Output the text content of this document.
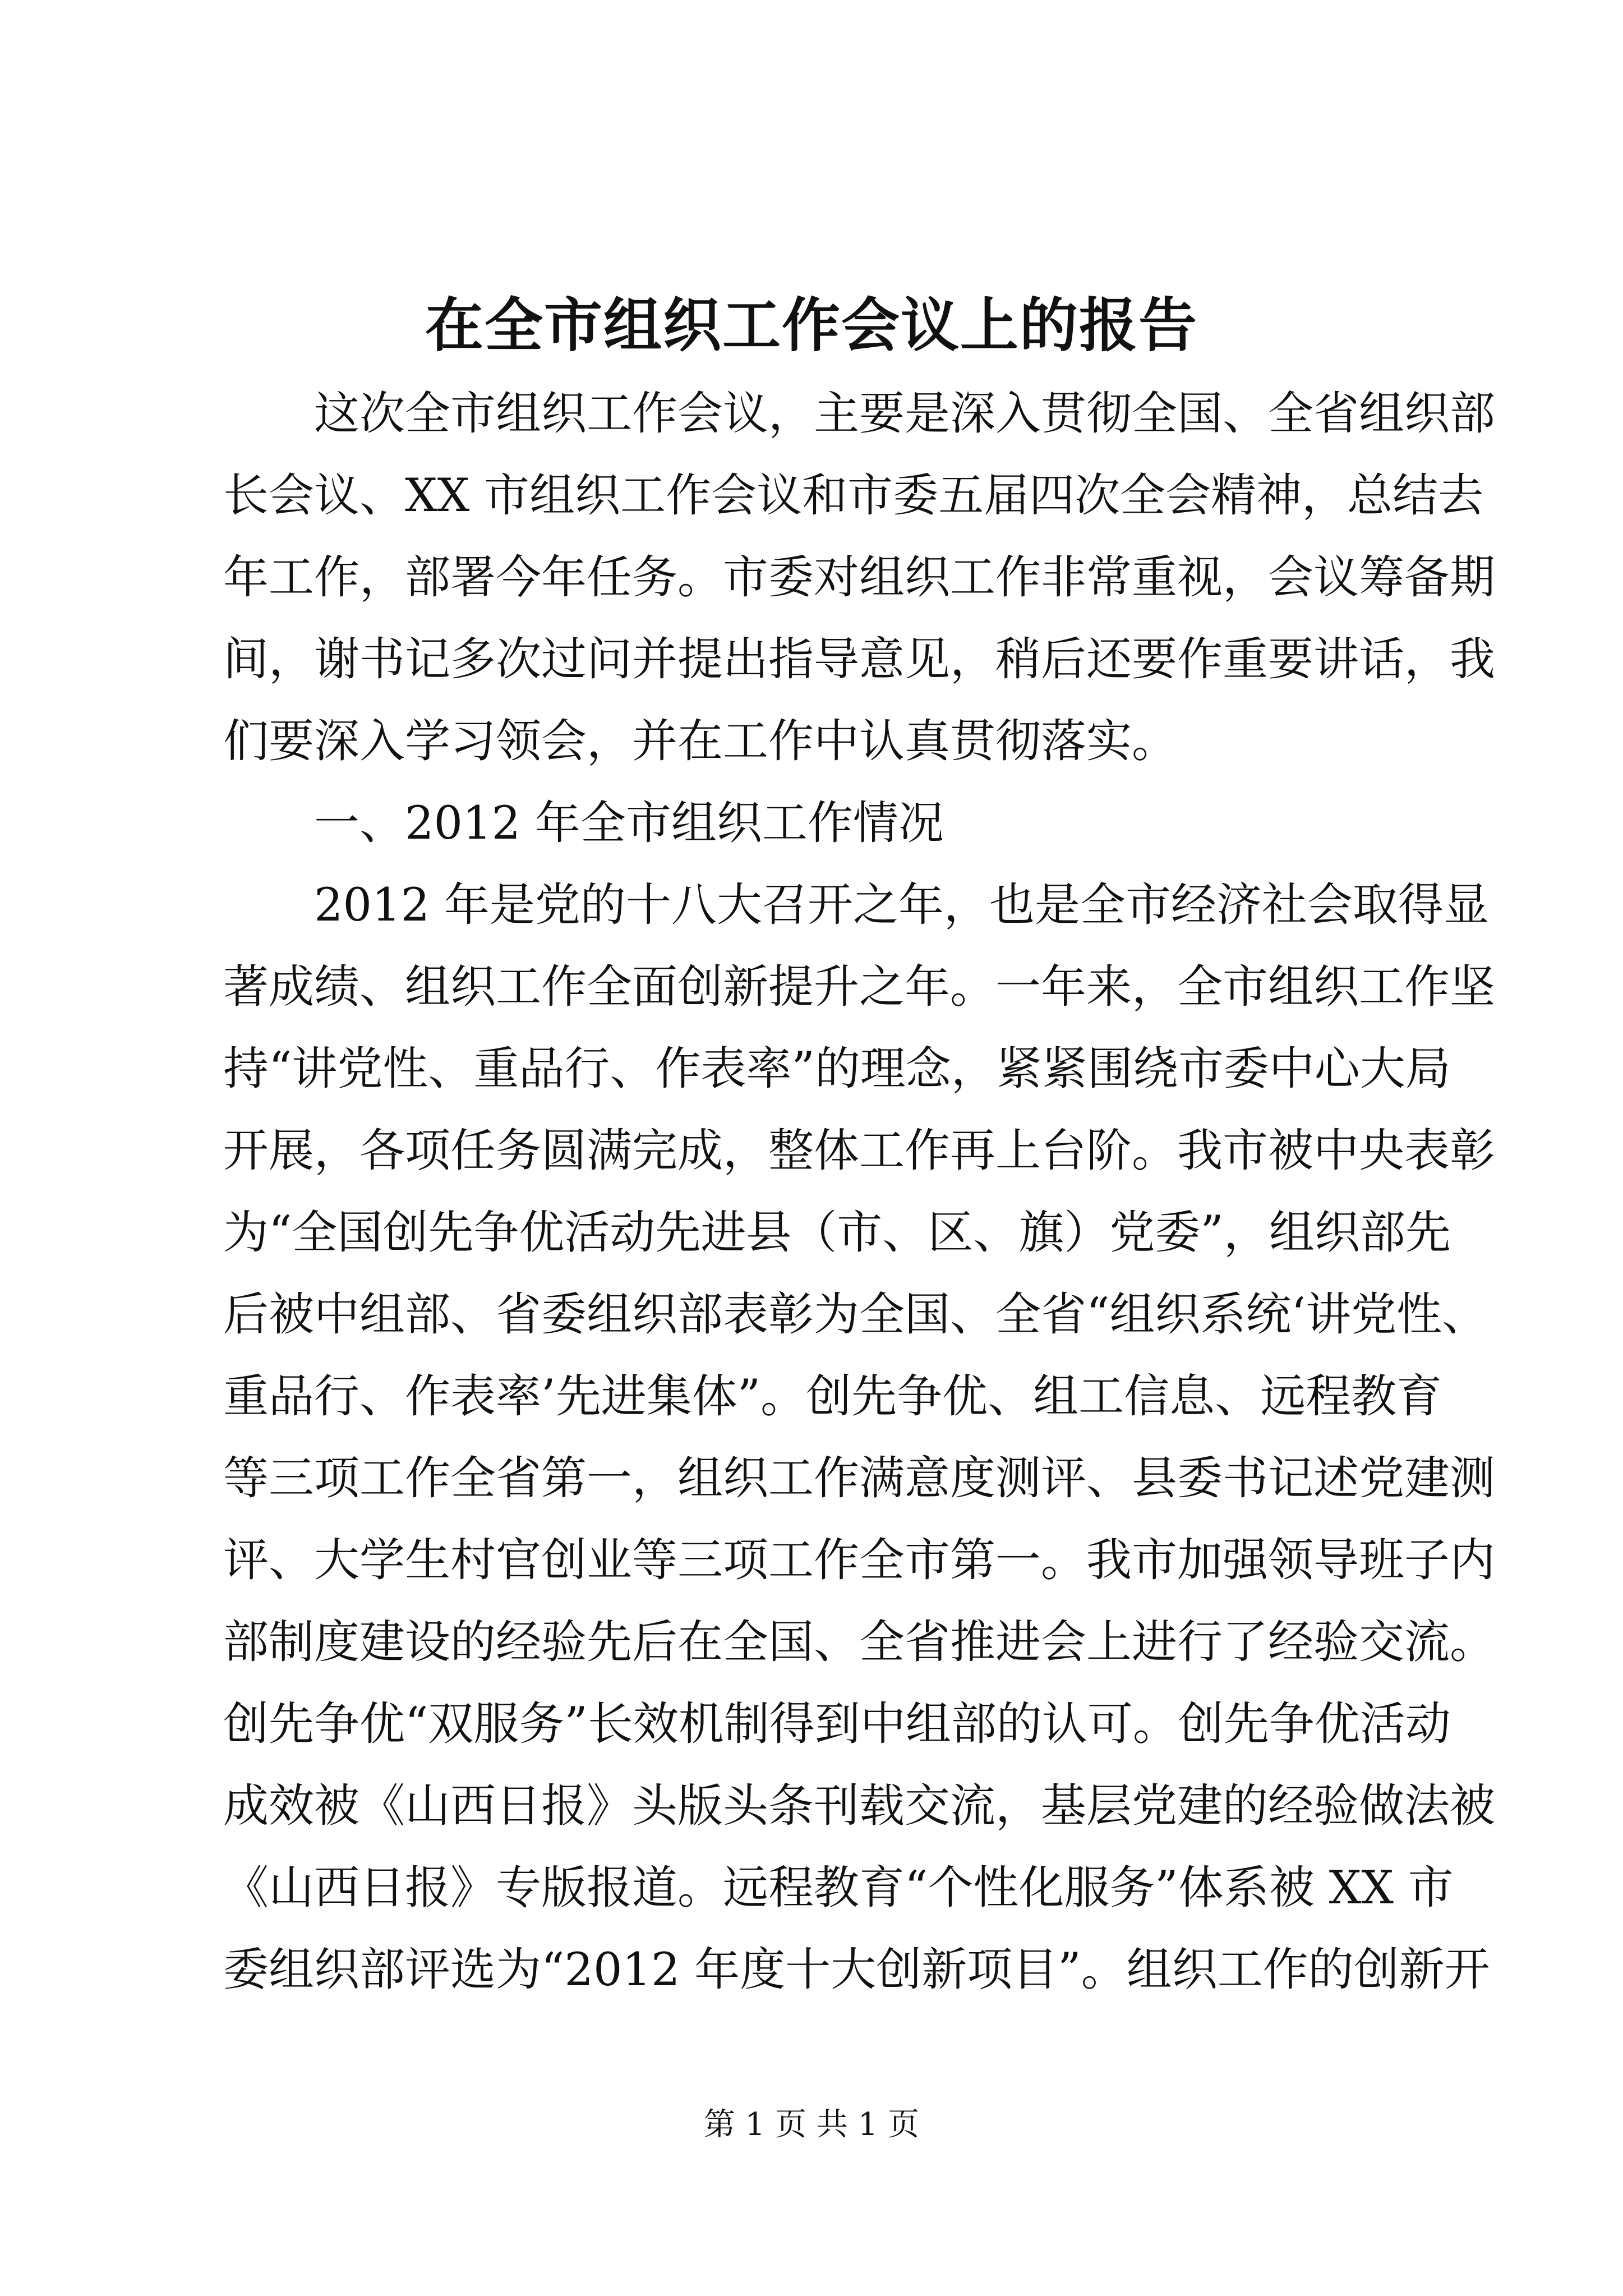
在全市组织工作会议上的报告
这次全市组织工作会议，主要是深入贯彻全国、全省组织部
长会议、XX 市组织工作会议和市委五届四次全会精神，总结去
年工作，部署今年任务。市委对组织工作非常重视，会议筹备期
间，谢书记多次过问并提出指导意见，稍后还要作重要讲话，我
们要深入学习领会，并在工作中认真贯彻落实。
一、2012 年全市组织工作情况
2012 年是党的十八大召开之年，也是全市经济社会取得显
著成绩、组织工作全面创新提升之年。一年来，全市组织工作坚
持“讲党性、重品行、作表率”的理念，紧紧围绕市委中心大局
开展，各项任务圆满完成，整体工作再上台阶。我市被中央表彰
为“全国创先争优活动先进县（市、区、旗）党委”，组织部先
后被中组部、省委组织部表彰为全国、全省“组织系统‘讲党性、
重品行、作表率’先进集体”。创先争优、组工信息、远程教育
等三项工作全省第一，组织工作满意度测评、县委书记述党建测
评、大学生村官创业等三项工作全市第一。我市加强领导班子内
部制度建设的经验先后在全国、全省推进会上进行了经验交流。
创先争优“双服务”长效机制得到中组部的认可。创先争优活动
成效被《山西日报》头版头条刊载交流，基层党建的经验做法被
《山西日报》专版报道。远程教育“个性化服务”体系被 XX 市
委组织部评选为“2012 年度十大创新项目”。组织工作的创新开
第 1 页 共 1 页
